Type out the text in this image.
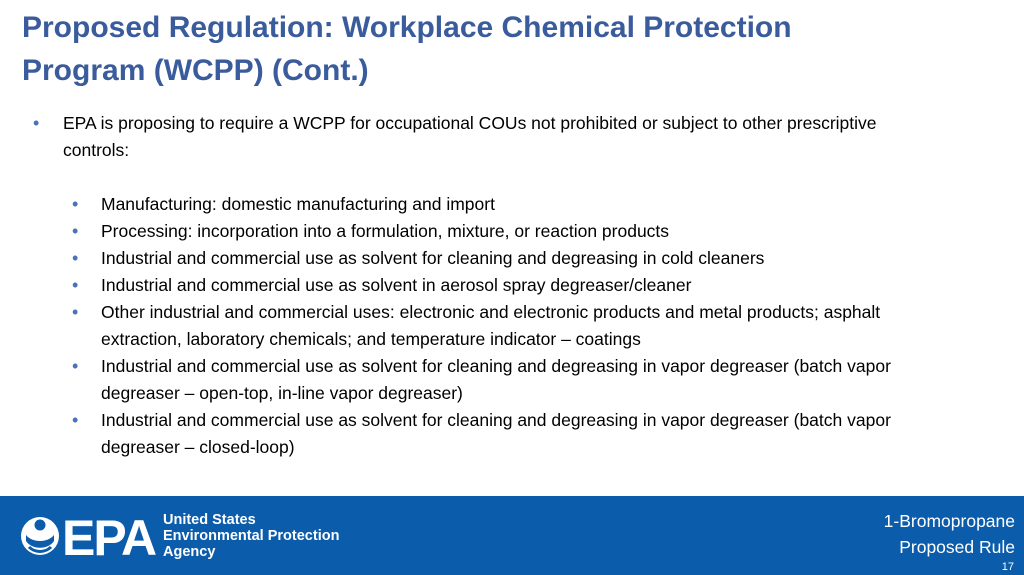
Proposed Regulation: Workplace Chemical Protection
Program (WCPP) (Cont.)
• EPA is proposing to require a WCPP for occupational COUs not prohibited or subject to other prescriptive
controls:
• Manufacturing: domestic manufacturing and import
• Processing: incorporation into a formulation, mixture, or reaction products
• Industrial and commercial use as solvent for cleaning and degreasing in cold cleaners
• Industrial and commercial use as solvent in aerosol spray degreaser/cleaner
• Other industrial and commercial uses: electronic and electronic products and metal products; asphalt
extraction, laboratory chemicals; and temperature indicator – coatings
• Industrial and commercial use as solvent for cleaning and degreasing in vapor degreaser (batch vapor
degreaser – open-top, in-line vapor degreaser)
• Industrial and commercial use as solvent for cleaning and degreasing in vapor degreaser (batch vapor
degreaser – closed-loop)
EPA United States
Environmental Protection
Agency
1-Bromopropane
Proposed Rule
17
